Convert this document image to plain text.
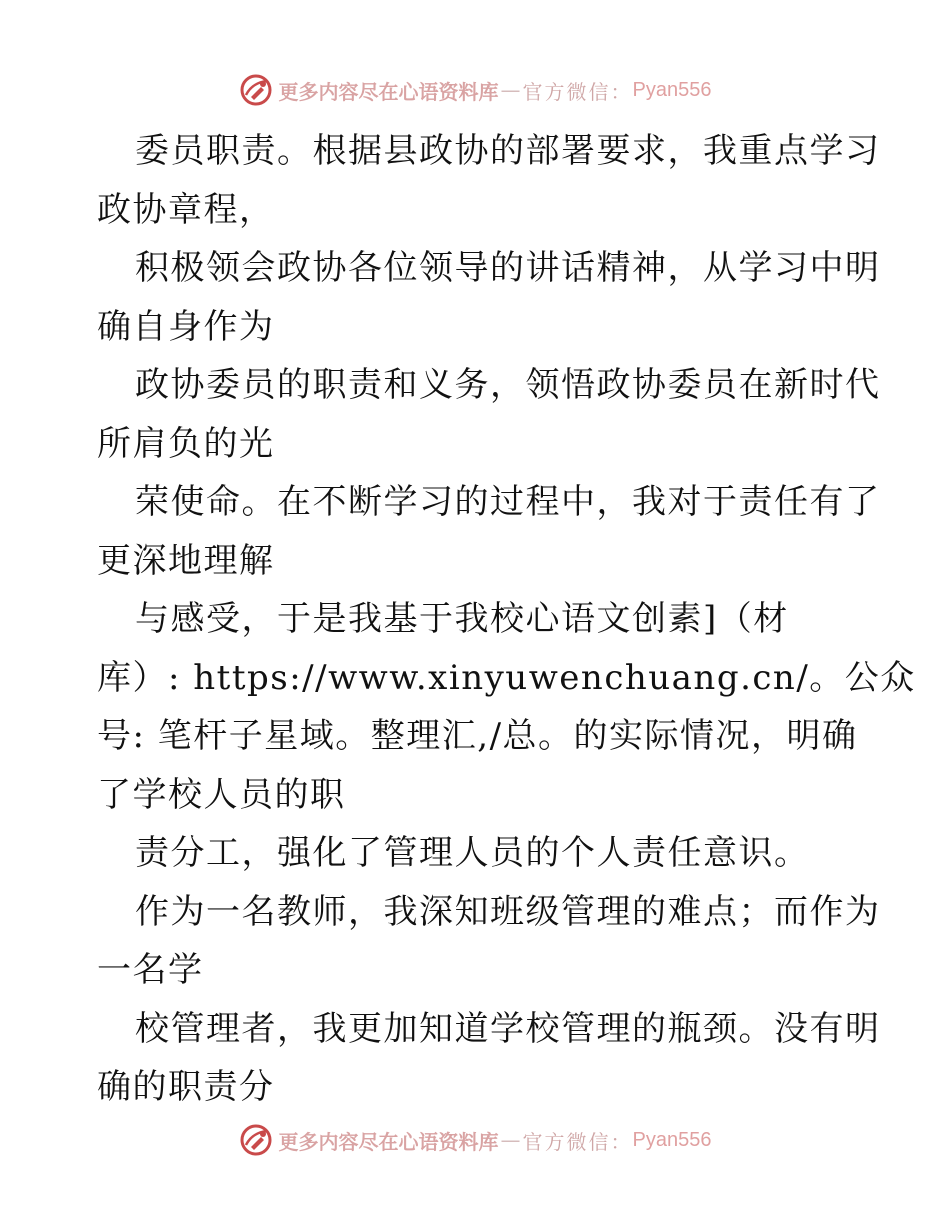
更多内容尽在心语资料库 — 官方微信： Pyan556
委员职责。根据县政协的部署要求，我重点学习
政协章程，
积极领会政协各位领导的讲话精神，从学习中明
确自身作为
政协委员的职责和义务，领悟政协委员在新时代
所肩负的光
荣使命。在不断学习的过程中，我对于责任有了
更深地理解
与感受，于是我基于我校心语文创素]（材
库）: https://www.xinyuwenchuang.cn/。公众
号: 笔杆子星域。整理汇,/总。的实际情况，明确
了学校人员的职
责分工，强化了管理人员的个人责任意识。
作为一名教师，我深知班级管理的难点；而作为
一名学
校管理者，我更加知道学校管理的瓶颈。没有明
确的职责分
更多内容尽在心语资料库 — 官方微信： Pyan556
